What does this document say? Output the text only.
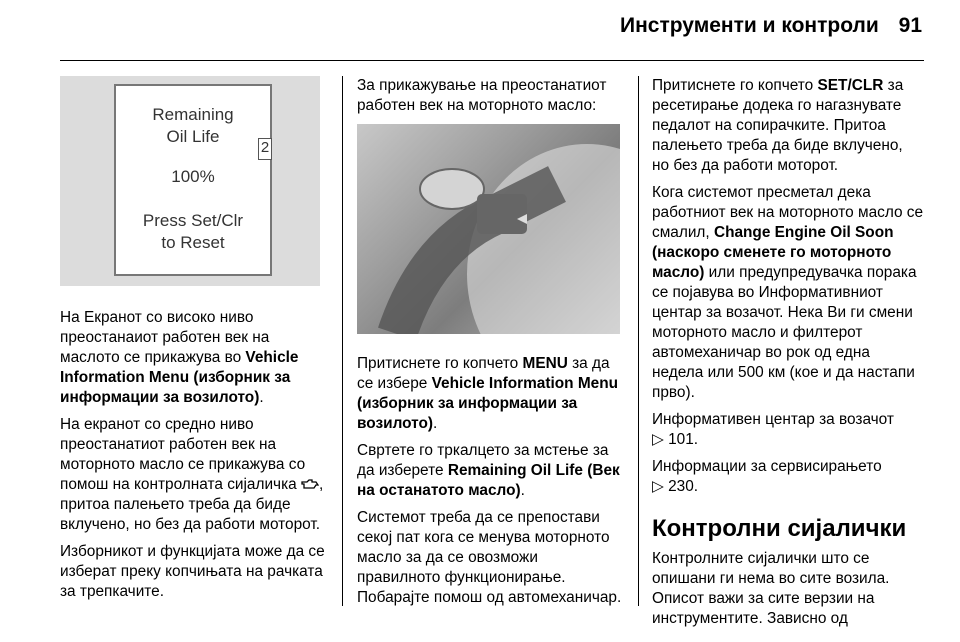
Инструменти и контроли 91
Remaining
Oil Life
100%
Press Set/Clr
to Reset
2

На Екранот со високо ниво преостанаиот работен век на маслото се прикажува во Vehicle Information Menu (изборник за информации за возилото).

На екранот со средно ниво преостанатиот работен век на моторното масло се прикажува со помош на контролната сијаличка , притоа палењето треба да биде вклучено, но без да работи моторот.

Изборникот и функцијата може да се изберат преку копчињата на рачката за трепкачите.

За прикажување на преостанатиот работен век на моторното масло:

Притиснете го копчето MENU за да се избере Vehicle Information Menu (изборник за информации за возилото).

Свртете го тркалцето за мстење за да изберете Remaining Oil Life (Век на останатото масло).

Системот треба да се препостави секој пат кога се менува моторното масло за да се овозможи правилното функционирање. Побарајте помош од автомеханичар.

Притиснете го копчето SET/CLR за ресетирање додека го нагазнувате педалот на сопирачките. Притоа палењето треба да биде вклучено, но без да работи моторот.

Кога системот пресметал дека работниот век на моторното масло се смалил, Change Engine Oil Soon (наскоро сменете го моторното масло) или предупредувачка порака се појавува во Информативниот центар за возачот. Нека Ви ги смени моторното масло и филтерот автомеханичар во рок од една недела или 500 км (кое и да настапи прво).

Информативен центар за возачот
▷ 101.

Информации за сервисирањето
▷ 230.

Контролни сијалички

Контролните сијалички што се опишани ги нема во сите возила. Описот важи за сите верзии на инструментите. Зависно од
